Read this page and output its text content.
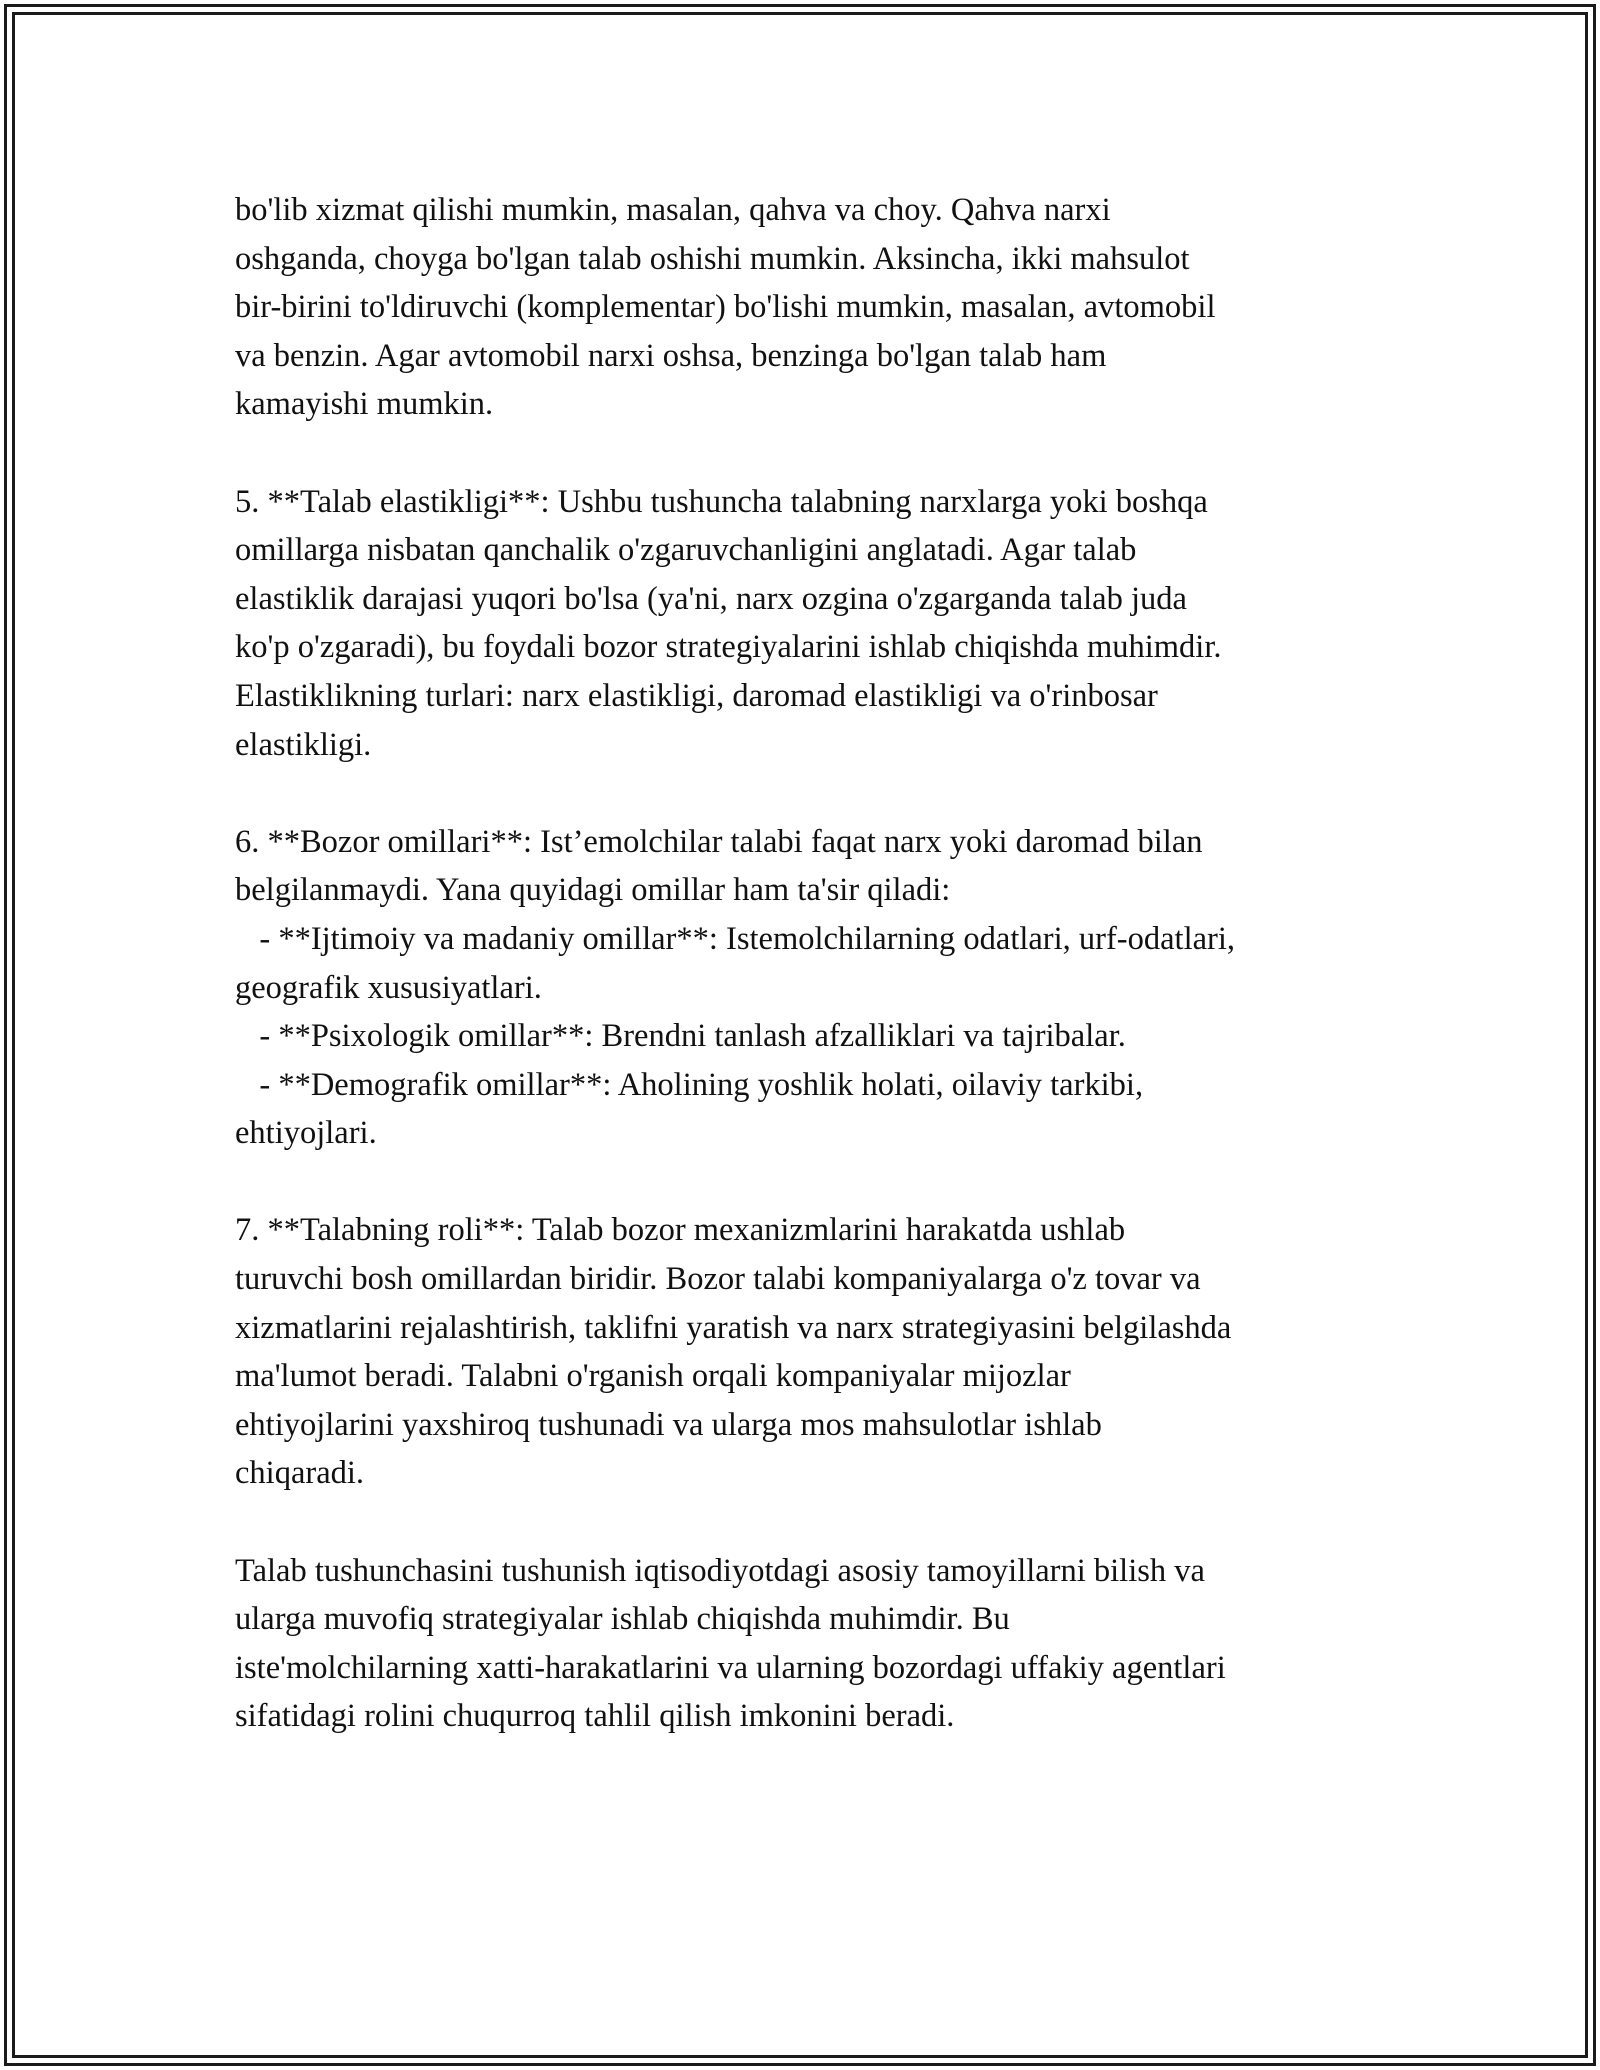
bo'lib xizmat qilishi mumkin, masalan, qahva va choy. Qahva narxi
oshganda, choyga bo'lgan talab oshishi mumkin. Aksincha, ikki mahsulot
bir-birini to'ldiruvchi (komplementar) bo'lishi mumkin, masalan, avtomobil
va benzin. Agar avtomobil narxi oshsa, benzinga bo'lgan talab ham
kamayishi mumkin.

5. **Talab elastikligi**: Ushbu tushuncha talabning narxlarga yoki boshqa
omillarga nisbatan qanchalik o'zgaruvchanligini anglatadi. Agar talab
elastiklik darajasi yuqori bo'lsa (ya'ni, narx ozgina o'zgarganda talab juda
ko'p o'zgaradi), bu foydali bozor strategiyalarini ishlab chiqishda muhimdir.
Elastiklikning turlari: narx elastikligi, daromad elastikligi va o'rinbosar
elastikligi.

6. **Bozor omillari**: Ist’emolchilar talabi faqat narx yoki daromad bilan
belgilanmaydi. Yana quyidagi omillar ham ta'sir qiladi:
- **Ijtimoiy va madaniy omillar**: Istemolchilarning odatlari, urf-odatlari,
geografik xususiyatlari.
- **Psixologik omillar**: Brendni tanlash afzalliklari va tajribalar.
- **Demografik omillar**: Aholining yoshlik holati, oilaviy tarkibi,
ehtiyojlari.

7. **Talabning roli**: Talab bozor mexanizmlarini harakatda ushlab
turuvchi bosh omillardan biridir. Bozor talabi kompaniyalarga o'z tovar va
xizmatlarini rejalashtirish, taklifni yaratish va narx strategiyasini belgilashda
ma'lumot beradi. Talabni o'rganish orqali kompaniyalar mijozlar
ehtiyojlarini yaxshiroq tushunadi va ularga mos mahsulotlar ishlab
chiqaradi.

Talab tushunchasini tushunish iqtisodiyotdagi asosiy tamoyillarni bilish va
ularga muvofiq strategiyalar ishlab chiqishda muhimdir. Bu
iste'molchilarning xatti-harakatlarini va ularning bozordagi uffakiy agentlari
sifatidagi rolini chuqurroq tahlil qilish imkonini beradi.
